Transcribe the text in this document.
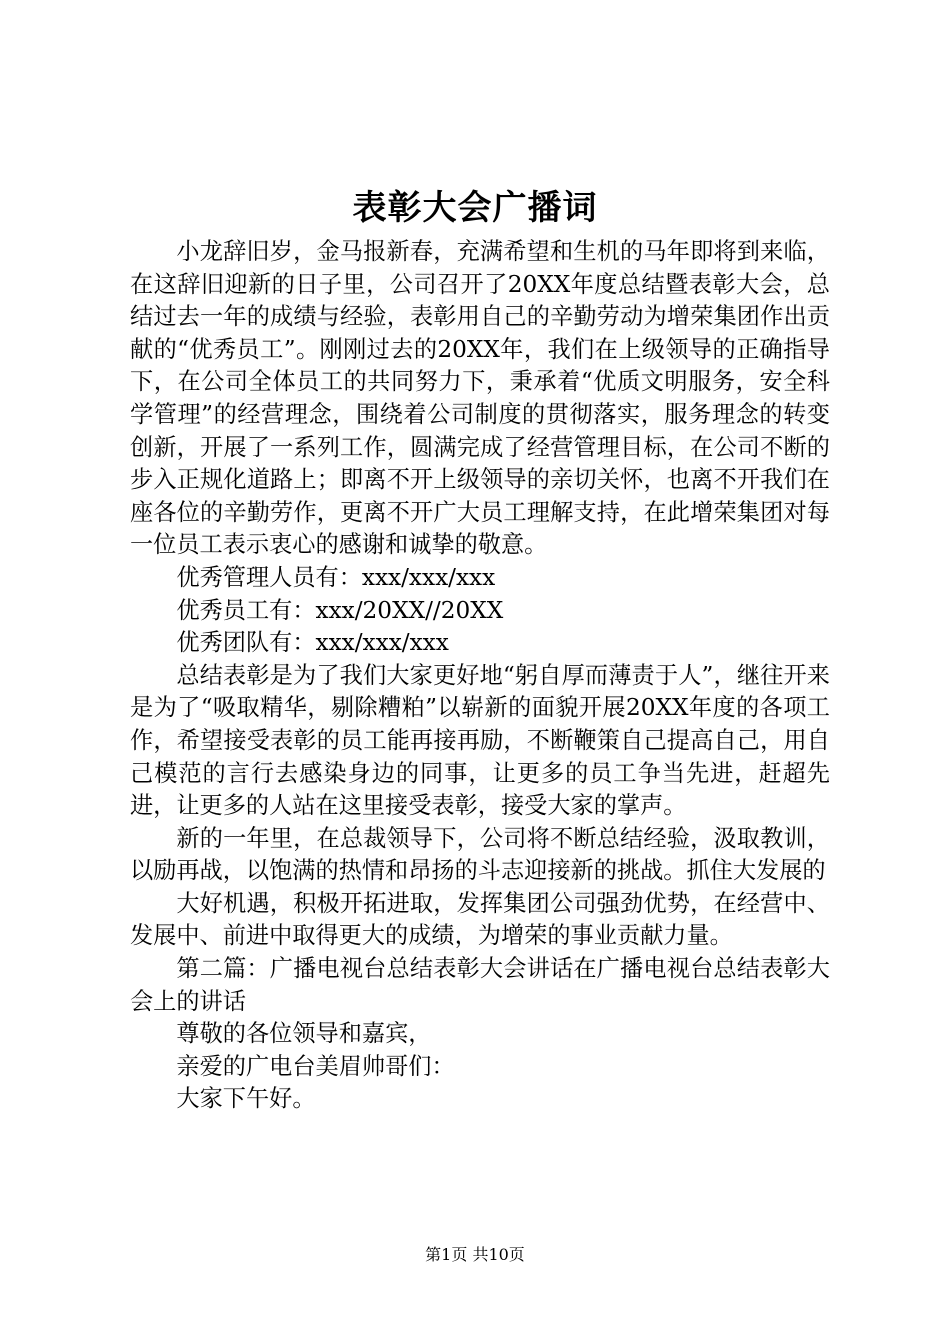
表彰大会广播词

小龙辞旧岁，金马报新春，充满希望和生机的马年即将到来临，在这辞旧迎新的日子里，公司召开了20XX年度总结暨表彰大会，总结过去一年的成绩与经验，表彰用自己的辛勤劳动为增荣集团作出贡献的“优秀员工”。刚刚过去的20XX年，我们在上级领导的正确指导下，在公司全体员工的共同努力下，秉承着“优质文明服务，安全科学管理”的经营理念，围绕着公司制度的贯彻落实，服务理念的转变创新，开展了一系列工作，圆满完成了经营管理目标，在公司不断的步入正规化道路上；即离不开上级领导的亲切关怀，也离不开我们在座各位的辛勤劳作，更离不开广大员工理解支持，在此增荣集团对每一位员工表示衷心的感谢和诚挚的敬意。

优秀管理人员有：xxx/xxx/xxx

优秀员工有：xxx/20XX//20XX

优秀团队有：xxx/xxx/xxx

总结表彰是为了我们大家更好地“躬自厚而薄责于人”，继往开来是为了“吸取精华，剔除糟粕”以崭新的面貌开展20XX年度的各项工作，希望接受表彰的员工能再接再励，不断鞭策自己提高自己，用自己模范的言行去感染身边的同事，让更多的员工争当先进，赶超先进，让更多的人站在这里接受表彰，接受大家的掌声。

新的一年里，在总裁领导下，公司将不断总结经验，汲取教训，以励再战，以饱满的热情和昂扬的斗志迎接新的挑战。抓住大发展的

大好机遇，积极开拓进取，发挥集团公司强劲优势，在经营中、发展中、前进中取得更大的成绩，为增荣的事业贡献力量。

第二篇：广播电视台总结表彰大会讲话在广播电视台总结表彰大会上的讲话

尊敬的各位领导和嘉宾，

亲爱的广电台美眉帅哥们：

大家下午好。

第1页 共10页
